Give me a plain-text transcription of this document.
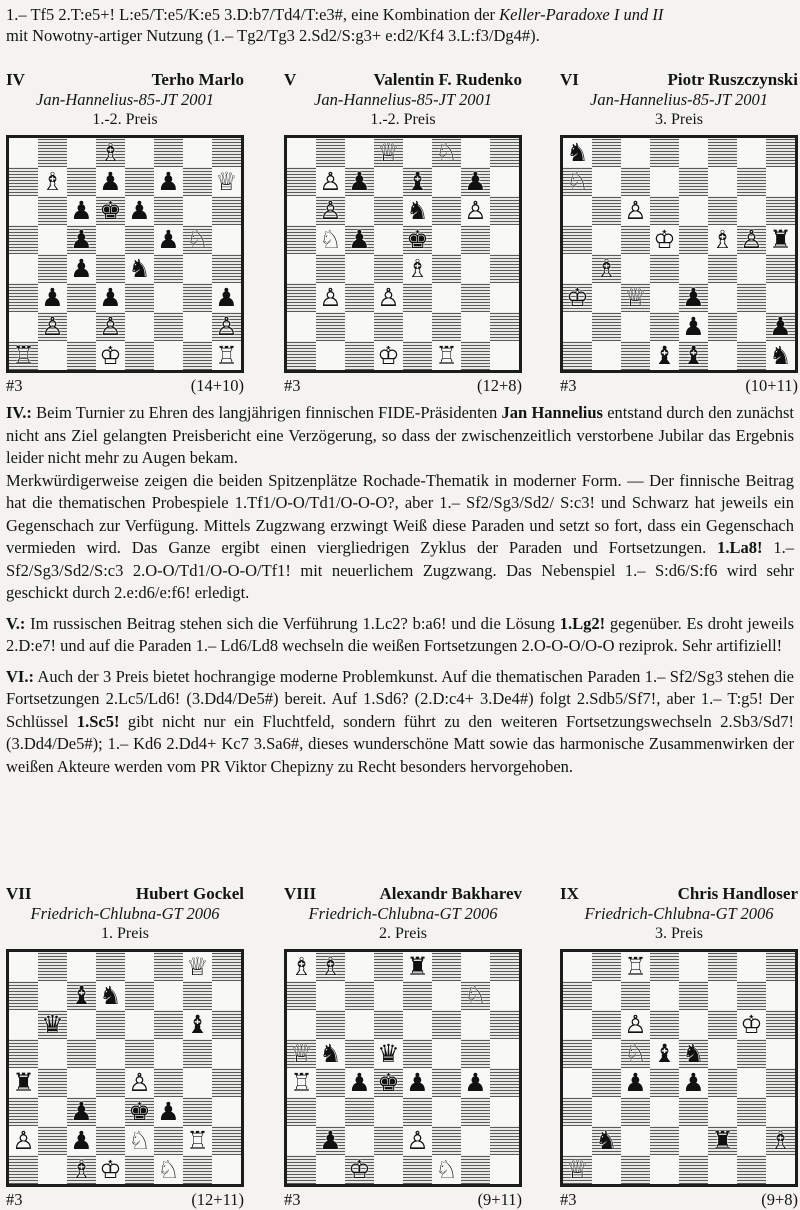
1.– Tf5 2.T:e5+! L:e5/T:e5/K:e5 3.D:b7/Td4/T:e3#, eine Kombination der Keller-Paradoxe I und II
mit Nowotny-artiger Nutzung (1.– Tg2/Tg3 2.Sd2/S:g3+ e:d2/Kf4 3.L:f3/Dg4#).
IV	Terho Marlo
Jan-Hannelius-85-JT 2001
1.-2. Preis
♗
♗ ♟ ♟ ♕
♟ ♚ ♟
♟	♟ ♘
♟ ♞
♟ ♟	♟
♙ ♙	♙
♖	♔	♖
#3	(14+10)
V	Valentin F. Rudenko
Jan-Hannelius-85-JT 2001
1.-2. Preis
♕ ♘
♙ ♟ ♝ ♟
♙	♞ ♙
♘ ♟ ♚
♗
♙ ♙
♔ ♖
#3	(12+8)
VI	Piotr Ruszczynski
Jan-Hannelius-85-JT 2001
3. Preis
♞
♘
♙
♔ ♗ ♙ ♜
♗
♔ ♕ ♟
♟	♟
♝ ♝	♞
#3	(10+11)

IV.: Beim Turnier zu Ehren des langjährigen finnischen FIDE-Präsidenten Jan Hannelius entstand durch den zunächst nicht ans Ziel gelangten Preisbericht eine Verzögerung, so dass der zwischenzeitlich verstorbene Jubilar das Ergebnis leider nicht mehr zu Augen bekam.

Merkwürdigerweise zeigen die beiden Spitzenplätze Rochade-Thematik in moderner Form. — Der finnische Beitrag hat die thematischen Probespiele 1.Tf1/O-O/Td1/O-O-O?, aber 1.– Sf2/Sg3/Sd2/ S:c3! und Schwarz hat jeweils ein Gegenschach zur Verfügung. Mittels Zugzwang erzwingt Weiß diese Paraden und setzt so fort, dass ein Gegenschach vermieden wird. Das Ganze ergibt einen viergliedrigen Zyklus der Paraden und Fortsetzungen. 1.La8! 1.– Sf2/Sg3/Sd2/S:c3 2.O-O/Td1/O-O-O/Tf1! mit neuerlichem Zugzwang. Das Nebenspiel 1.– S:d6/S:f6 wird sehr geschickt durch 2.e:d6/e:f6! erledigt.

V.: Im russischen Beitrag stehen sich die Verführung 1.Lc2? b:a6! und die Lösung 1.Lg2! gegenüber. Es droht jeweils 2.D:e7! und auf die Paraden 1.– Ld6/Ld8 wechseln die weißen Fortsetzungen 2.O-O-O/O-O reziprok. Sehr artifiziell!

VI.: Auch der 3 Preis bietet hochrangige moderne Problemkunst. Auf die thematischen Paraden 1.– Sf2/Sg3 stehen die Fortsetzungen 2.Lc5/Ld6! (3.Dd4/De5#) bereit. Auf 1.Sd6? (2.D:c4+ 3.De4#) folgt 2.Sdb5/Sf7!, aber 1.– T:g5! Der Schlüssel 1.Sc5! gibt nicht nur ein Fluchtfeld, sondern führt zu den weiteren Fortsetzungswechseln 2.Sb3/Sd7! (3.Dd4/De5#); 1.– Kd6 2.Dd4+ Kc7 3.Sa6#, dieses wunderschöne Matt sowie das harmonische Zusammenwirken der weißen Akteure werden vom PR Viktor Chepizny zu Recht besonders hervorgehoben.

VII	Hubert Gockel
Friedrich-Chlubna-GT 2006
1. Preis
♕
♝ ♞
♛	♝
♜	♙
♟ ♚ ♟
♙ ♟ ♘ ♖
♗ ♔ ♘
#3	(12+11)
VIII	Alexandr Bakharev
Friedrich-Chlubna-GT 2006
2. Preis
♗ ♗	♜
♘
♕ ♞ ♛
♖ ♟ ♚ ♟ ♟
♟	♙
♔	♘
#3	(9+11)
IX	Chris Handloser
Friedrich-Chlubna-GT 2006
3. Preis
♖
♙	♔
♘ ♝ ♞
♟ ♟
♞	♜ ♗
♕
#3	(9+8)
